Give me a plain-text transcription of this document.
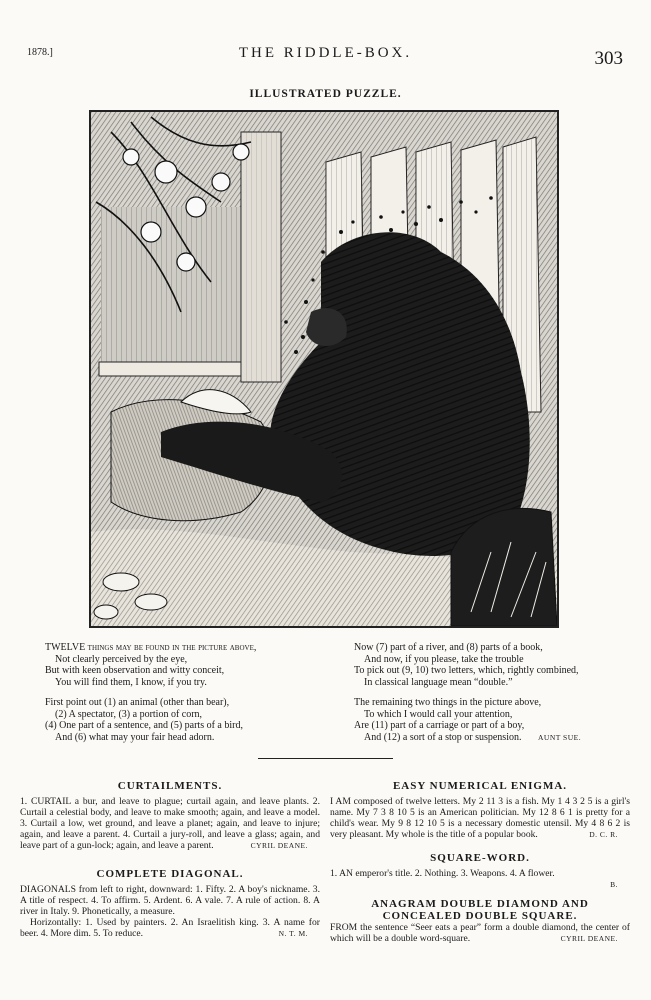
1878.]	THE RIDDLE-BOX.	303
ILLUSTRATED PUZZLE.
TWELVE things may be found in the picture above,
Not clearly perceived by the eye,
But with keen observation and witty conceit,
You will find them, I know, if you try.
First point out (1) an animal (other than bear),
(2) A spectator, (3) a portion of corn,
(4) One part of a sentence, and (5) parts of a bird,
And (6) what may your fair head adorn.
Now (7) part of a river, and (8) parts of a book,
And now, if you please, take the trouble
To pick out (9, 10) two letters, which, rightly combined,
In classical language mean “double.”
The remaining two things in the picture above,
To which I would call your attention,
Are (11) part of a carriage or part of a boy,
And (12) a sort of a stop or suspension. AUNT SUE.
CURTAILMENTS.

1. CURTAIL a bur, and leave to plague; curtail again, and leave plants. 2. Curtail a celestial body, and leave to make smooth; again, and leave a model. 3. Curtail a low, wet ground, and leave a planet; again, and leave to injure; again, and leave a parent. 4. Curtail a jury-roll, and leave a glass; again, and leave part of a gun-lock; again, and leave a parent.	CYRIL DEANE.

COMPLETE DIAGONAL.

DIAGONALS from left to right, downward: 1. Fifty. 2. A boy's nickname. 3. A title of respect. 4. To affirm. 5. Ardent. 6. A vale. 7. A rule of action. 8. A river in Italy. 9. Phonetically, a measure.

Horizontally: 1. Used by painters. 2. An Israelitish king. 3. A name for beer. 4. More dim. 5. To reduce.	N. T. M.

EASY NUMERICAL ENIGMA.

I AM composed of twelve letters. My 2 11 3 is a fish. My 1 4 3 2 5 is a girl's name. My 7 3 8 10 5 is an American politician. My 12 8 6 1 is pretty for a child's wear. My 9 8 12 10 5 is a necessary domestic utensil. My 4 8 6 2 is very pleasant. My whole is the title of a popular book.	D. C. R.

SQUARE-WORD.

1. AN emperor's title. 2. Nothing. 3. Weapons. 4. A flower.

B.

ANAGRAM DOUBLE DIAMOND AND CONCEALED DOUBLE SQUARE.

FROM the sentence “Seer eats a pear” form a double diamond, the center of which will be a double word-square.	CYRIL DEANE.
